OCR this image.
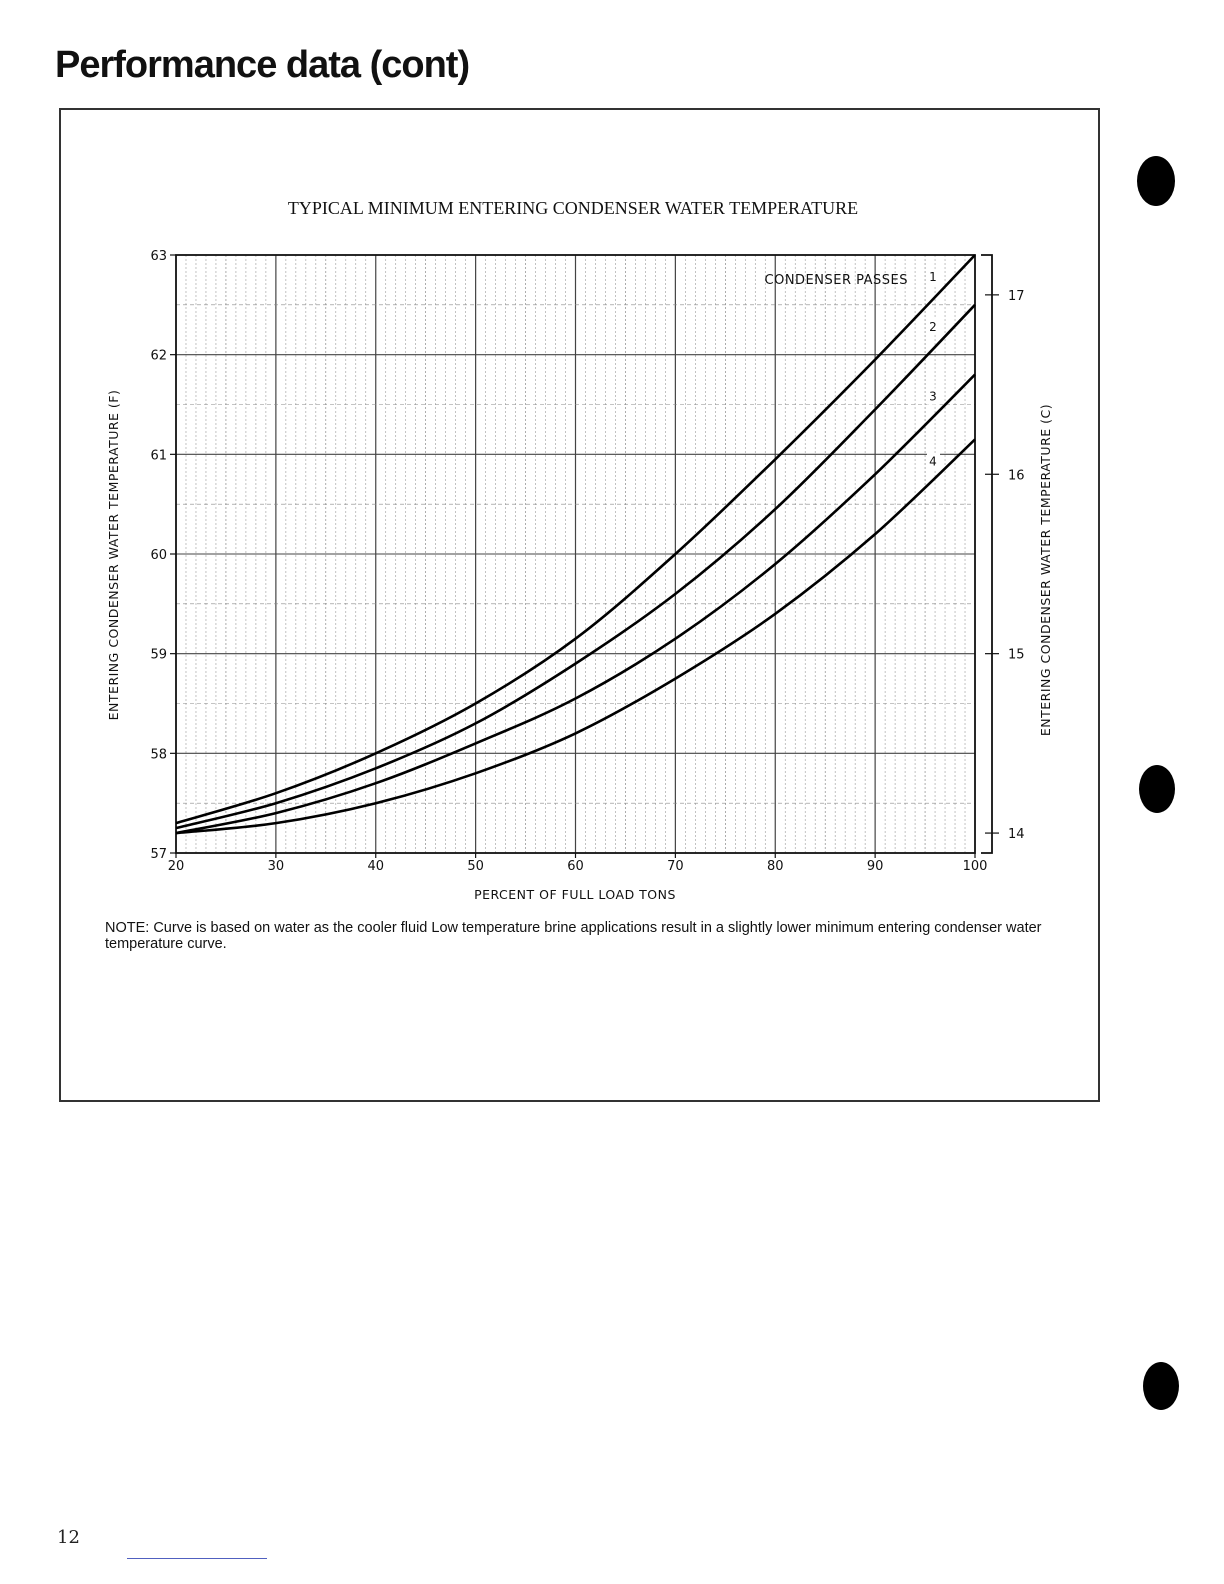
Performance data (cont)
TYPICAL MINIMUM ENTERING CONDENSER WATER TEMPERATURE
57
58
59
60
61
62
63
20	30	40	50	60	70	80	90	100
14
15
16
17
1
2
3
4
CONDENSER PASSES
PERCENT OF FULL LOAD TONS
ENTERING CONDENSER WATER TEMPERATURE (F)	ENTERING CONDENSER WATER TEMPERATURE (C)

NOTE: Curve is based on water as the cooler fluid Low temperature brine applications result in a slightly lower minimum entering condenser water temperature curve.

12
